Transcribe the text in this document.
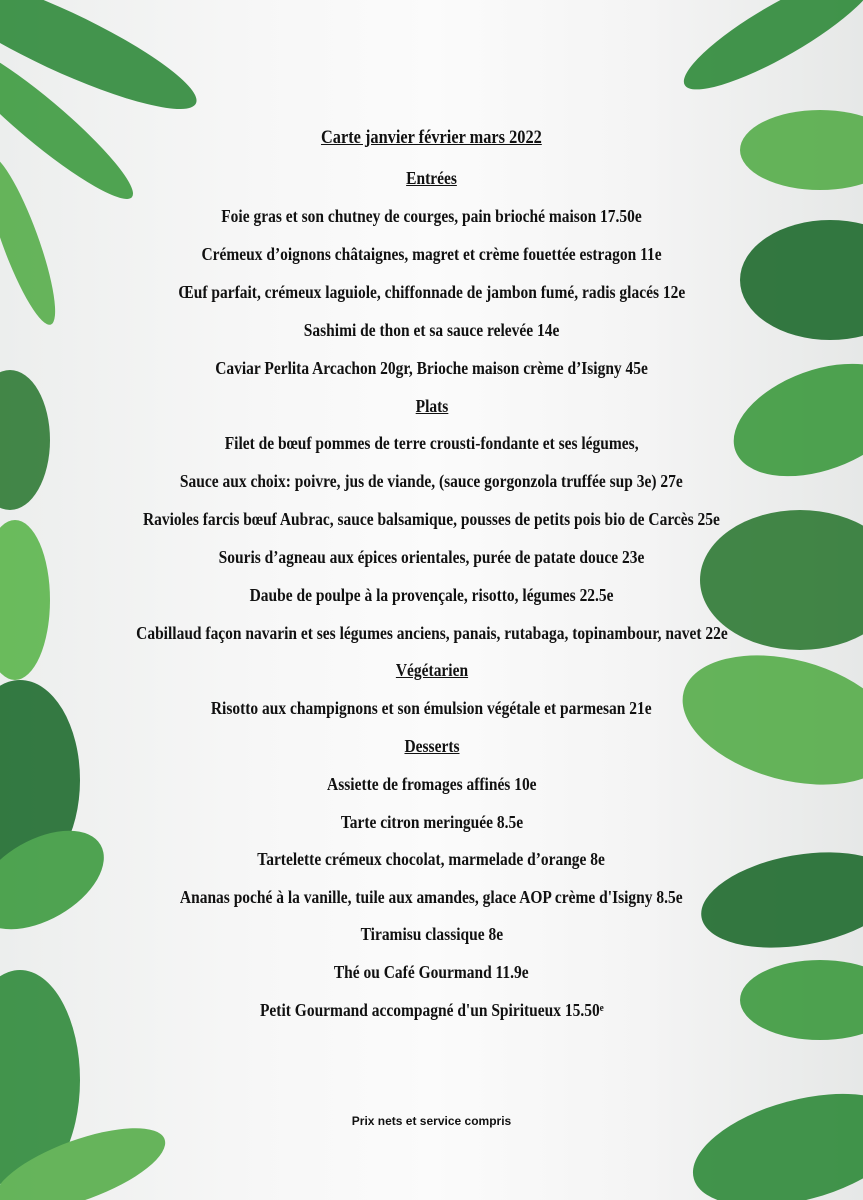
Carte janvier février mars 2022
Entrées
Foie gras et son chutney de courges, pain brioché maison 17.50e
Crémeux d’oignons châtaignes, magret et crème fouettée estragon 11e
Œuf parfait, crémeux laguiole, chiffonnade de jambon fumé, radis glacés 12e
Sashimi de thon et sa sauce relevée 14e
Caviar Perlita Arcachon 20gr, Brioche maison crème d’Isigny 45e
Plats
Filet de bœuf pommes de terre crousti-fondante et ses légumes,
Sauce aux choix: poivre, jus de viande, (sauce gorgonzola truffée sup 3e) 27e
Ravioles farcis bœuf Aubrac, sauce balsamique, pousses de petits pois bio de Carcès 25e
Souris d’agneau aux épices orientales, purée de patate douce 23e
Daube de poulpe à la provençale, risotto, légumes 22.5e
Cabillaud façon navarin et ses légumes anciens, panais, rutabaga, topinambour, navet 22e
Végétarien
Risotto aux champignons et son émulsion végétale et parmesan 21e
Desserts
Assiette de fromages affinés 10e
Tarte citron meringuée 8.5e
Tartelette crémeux chocolat, marmelade d’orange 8e
Ananas poché à la vanille, tuile aux amandes, glace AOP crème d'Isigny 8.5e
Tiramisu classique 8e
Thé ou Café Gourmand 11.9e
Petit Gourmand accompagné d'un Spiritueux 15.50ᵉ
Prix nets et service compris
